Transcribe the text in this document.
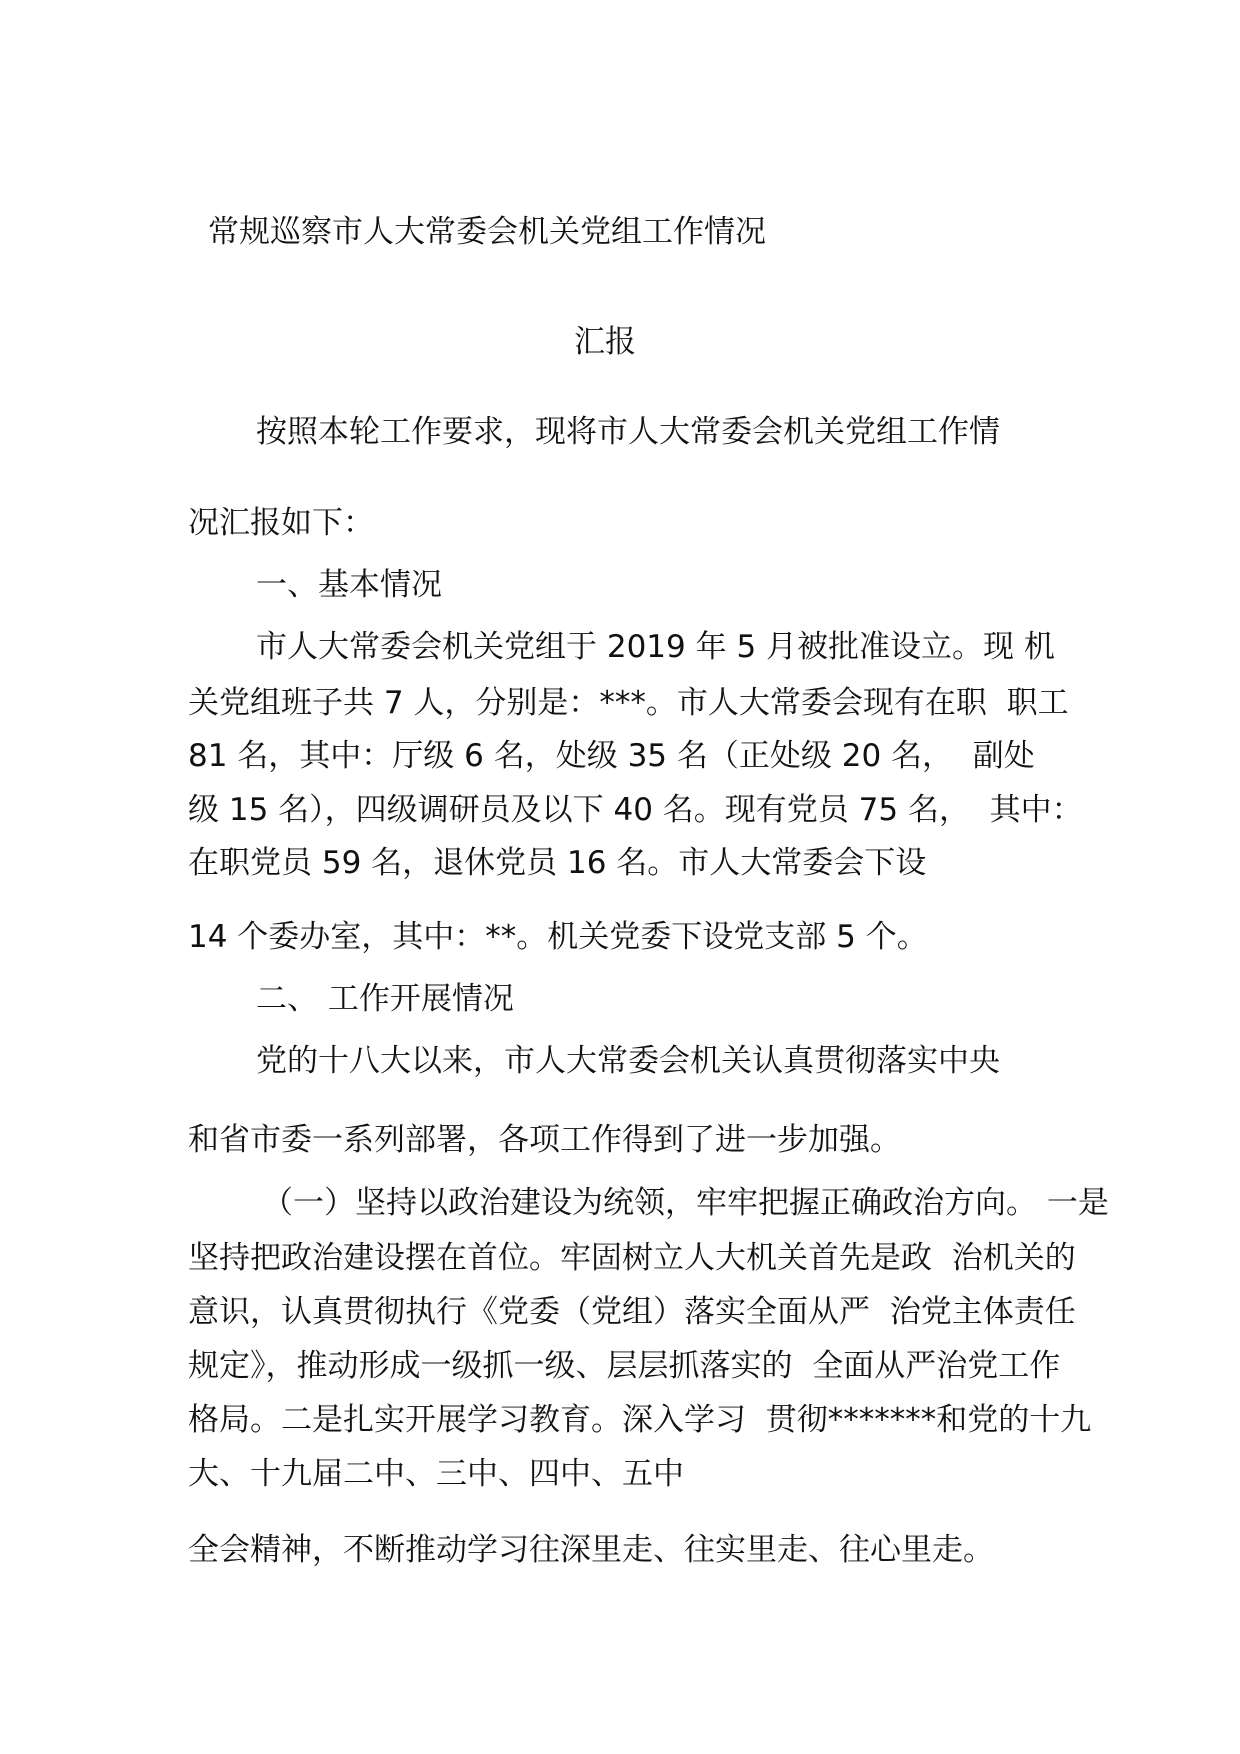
常规巡察市人大常委会机关党组工作情况
汇报

按照本轮工作要求，现将市人大常委会机关党组工作情

况汇报如下：

一、基本情况

市人大常委会机关党组于 2019 年 5 月被批准设立。现 机

关党组班子共 7 人，分别是：***。市人大常委会现有在职  职工

81 名，其中：厅级 6 名，处级 35 名（正处级 20 名，  副处

级 15 名），四级调研员及以下 40 名。现有党员 75 名，  其中：

在职党员 59 名，退休党员 16 名。市人大常委会下设

14 个委办室，其中：**。机关党委下设党支部 5 个。

二、 工作开展情况

党的十八大以来，市人大常委会机关认真贯彻落实中央

和省市委一系列部署，各项工作得到了进一步加强。

（一）坚持以政治建设为统领，牢牢把握正确政治方向。 一是

坚持把政治建设摆在首位。牢固树立人大机关首先是政  治机关的

意识，认真贯彻执行《党委（党组）落实全面从严  治党主体责任

规定》，推动形成一级抓一级、层层抓落实的  全面从严治党工作

格局。二是扎实开展学习教育。深入学习  贯彻*******和党的十九

大、十九届二中、三中、四中、五中

全会精神，不断推动学习往深里走、往实里走、往心里走。
